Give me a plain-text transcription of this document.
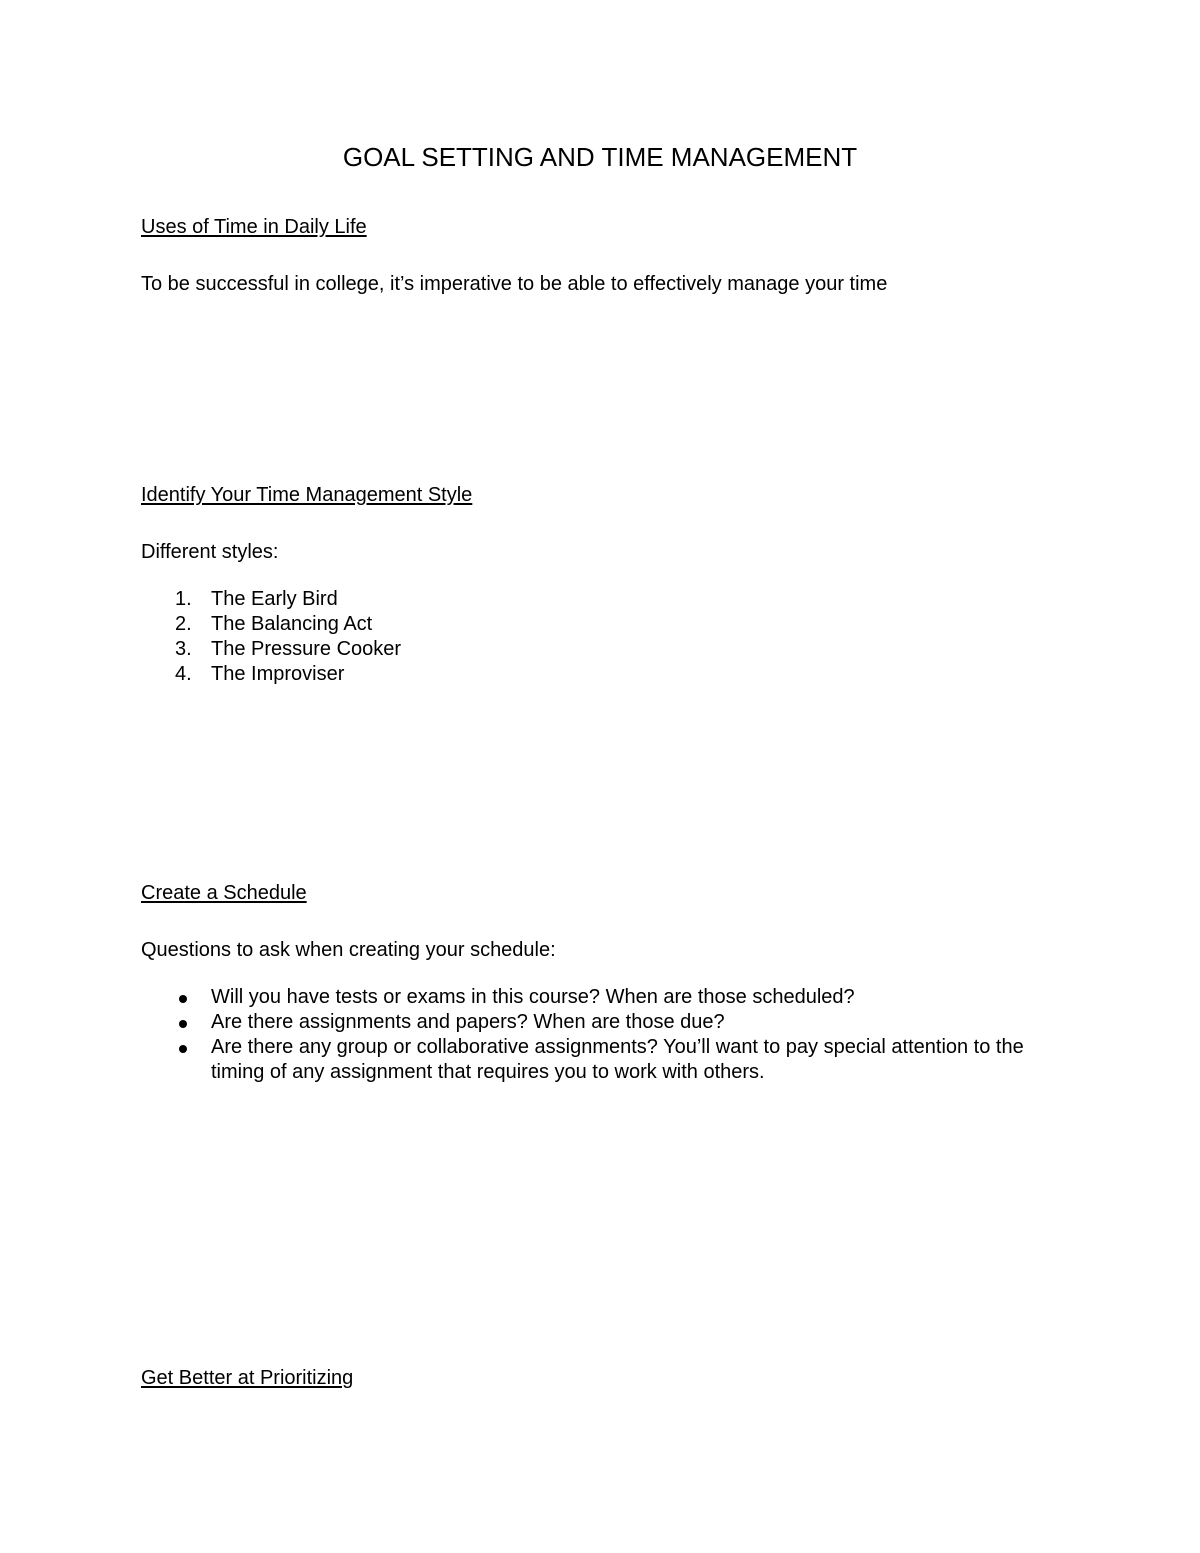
GOAL SETTING AND TIME MANAGEMENT
Uses of Time in Daily Life

To be successful in college, it’s imperative to be able to effectively manage your time

Identify Your Time Management Style

Different styles:

1. The Early Bird
2. The Balancing Act
3. The Pressure Cooker
4. The Improviser
Create a Schedule

Questions to ask when creating your schedule:

Will you have tests or exams in this course? When are those scheduled?
Are there assignments and papers? When are those due?
Are there any group or collaborative assignments? You’ll want to pay special attention to the timing of any assignment that requires you to work with others.
Get Better at Prioritizing
